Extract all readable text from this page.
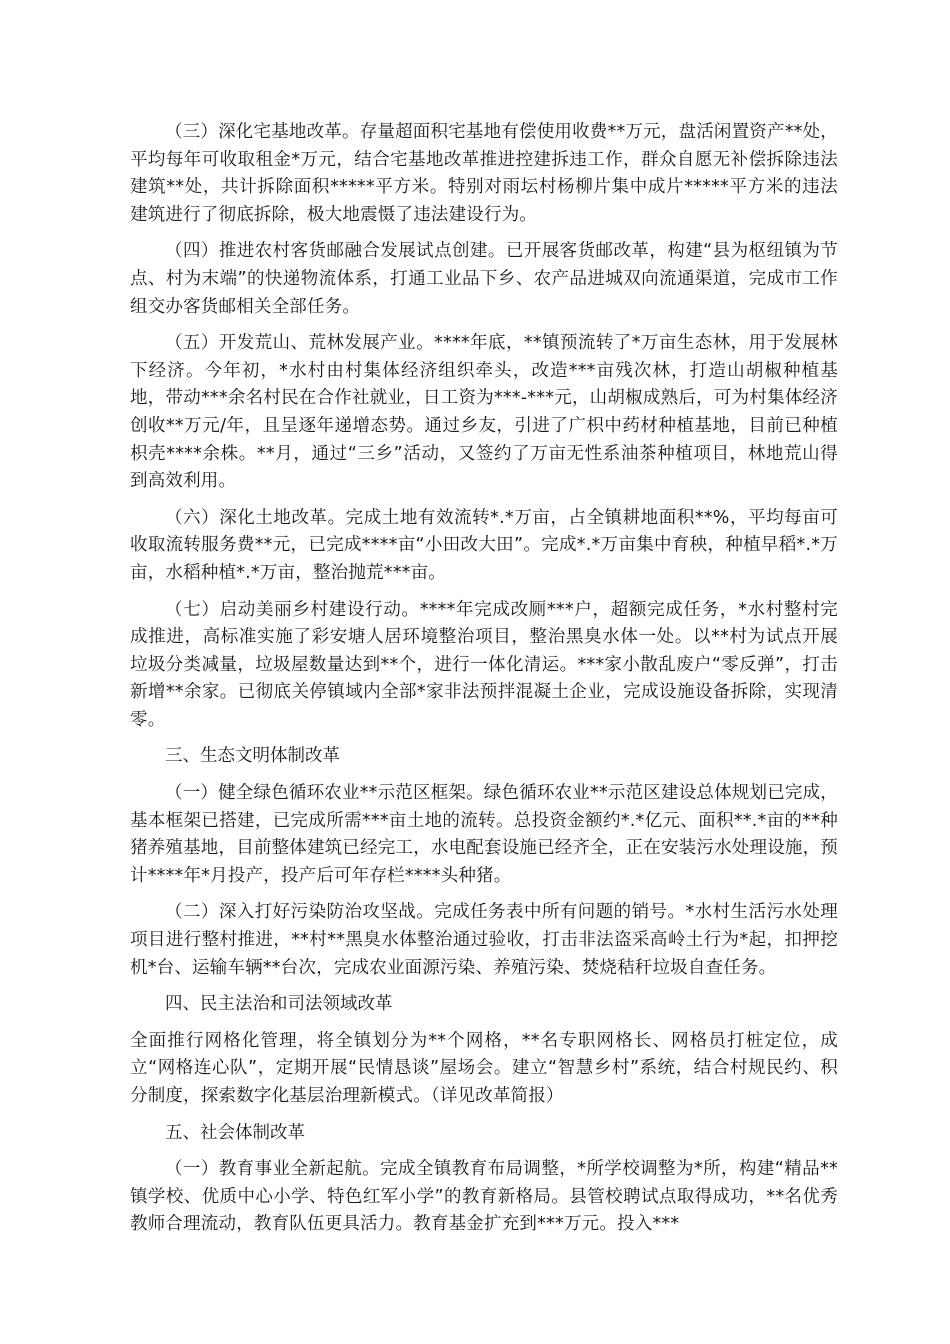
（三）深化宅基地改革。存量超面积宅基地有偿使用收费**万元，盘活闲置资产**处，平均每年可收取租金*万元，结合宅基地改革推进控建拆违工作，群众自愿无补偿拆除违法建筑**处，共计拆除面积*****平方米。特别对雨坛村杨柳片集中成片*****平方米的违法建筑进行了彻底拆除，极大地震慑了违法建设行为。

（四）推进农村客货邮融合发展试点创建。已开展客货邮改革，构建“县为枢纽镇为节点、村为末端”的快递物流体系，打通工业品下乡、农产品进城双向流通渠道，完成市工作组交办客货邮相关全部任务。

（五）开发荒山、荒林发展产业。****年底，**镇预流转了*万亩生态林，用于发展林下经济。今年初，*水村由村集体经济组织牵头，改造***亩残次林，打造山胡椒种植基地，带动***余名村民在合作社就业，日工资为***-***元，山胡椒成熟后，可为村集体经济创收**万元/年，且呈逐年递增态势。通过乡友，引进了广枳中药材种植基地，目前已种植枳壳****余株。**月，通过“三乡”活动，又签约了万亩无性系油茶种植项目，林地荒山得到高效利用。

（六）深化土地改革。完成土地有效流转*.*万亩，占全镇耕地面积**%，平均每亩可收取流转服务费**元，已完成****亩“小田改大田”。完成*.*万亩集中育秧，种植早稻*.*万亩，水稻种植*.*万亩，整治抛荒***亩。

（七）启动美丽乡村建设行动。****年完成改厕***户，超额完成任务，*水村整村完成推进，高标准实施了彩安塘人居环境整治项目，整治黑臭水体一处。以**村为试点开展垃圾分类减量，垃圾屋数量达到**个，进行一体化清运。***家小散乱废户“零反弹”，打击新增**余家。已彻底关停镇域内全部*家非法预拌混凝土企业，完成设施设备拆除，实现清零。

三、生态文明体制改革

（一）健全绿色循环农业**示范区框架。绿色循环农业**示范区建设总体规划已完成，基本框架已搭建，已完成所需***亩土地的流转。总投资金额约*.*亿元、面积**.*亩的**种猪养殖基地，目前整体建筑已经完工，水电配套设施已经齐全，正在安装污水处理设施，预计****年*月投产，投产后可年存栏****头种猪。

（二）深入打好污染防治攻坚战。完成任务表中所有问题的销号。*水村生活污水处理项目进行整村推进，**村**黑臭水体整治通过验收，打击非法盗采高岭土行为*起，扣押挖机*台、运输车辆**台次，完成农业面源污染、养殖污染、焚烧秸秆垃圾自查任务。

四、民主法治和司法领域改革

全面推行网格化管理，将全镇划分为**个网格，**名专职网格长、网格员打桩定位，成立“网格连心队”，定期开展“民情恳谈”屋场会。建立“智慧乡村”系统，结合村规民约、积分制度，探索数字化基层治理新模式。（详见改革简报）

五、社会体制改革

（一）教育事业全新起航。完成全镇教育布局调整，*所学校调整为*所，构建“精品**镇学校、优质中心小学、特色红军小学”的教育新格局。县管校聘试点取得成功，**名优秀教师合理流动，教育队伍更具活力。教育基金扩充到***万元。投入***
